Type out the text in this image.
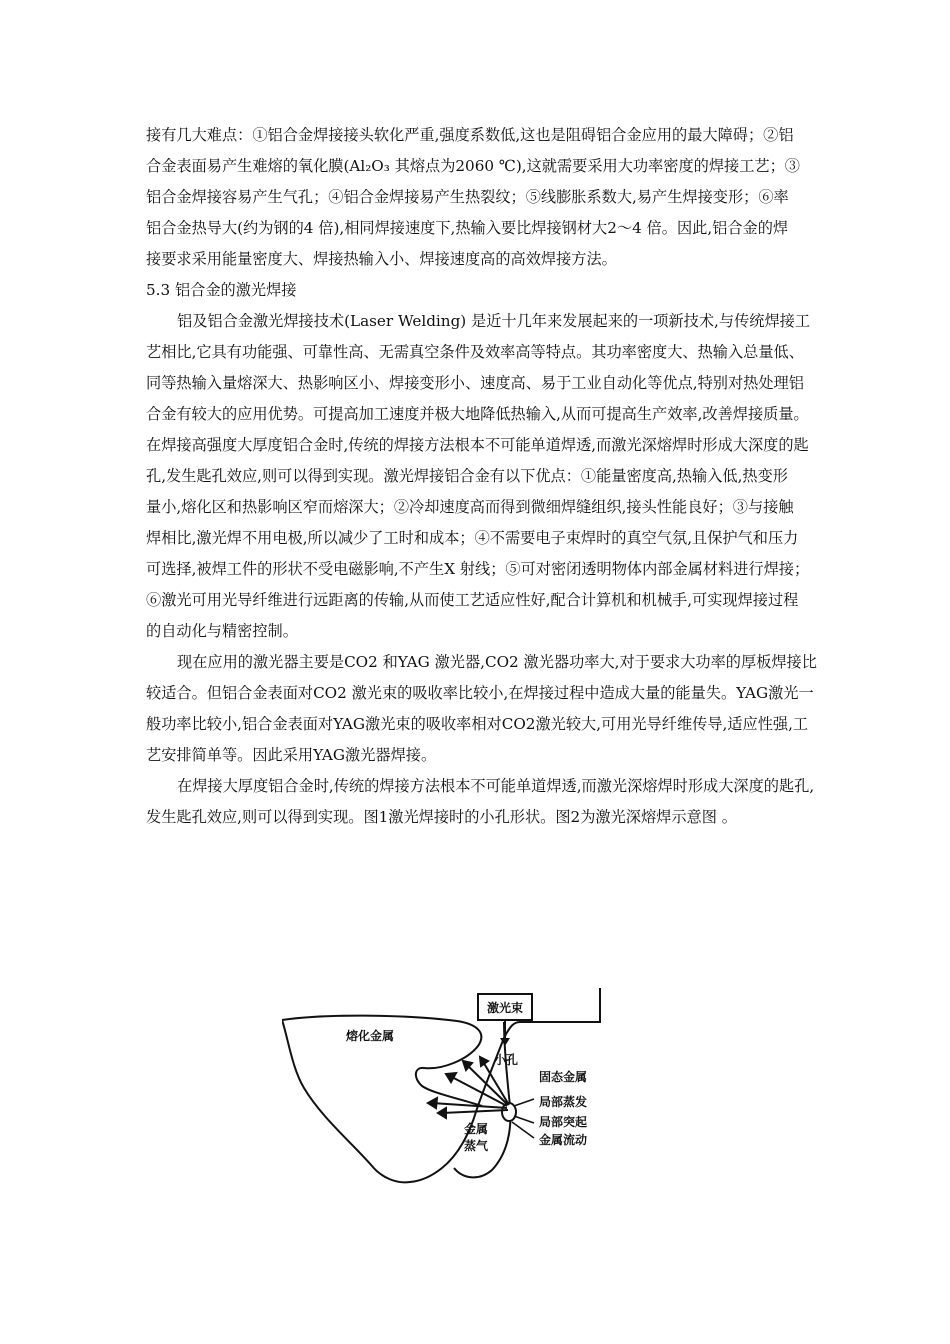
接有几大难点：①铝合金焊接接头软化严重,强度系数低,这也是阻碍铝合金应用的最大障碍；②铝
合金表面易产生难熔的氧化膜(Al₂O₃ 其熔点为2060 ℃),这就需要采用大功率密度的焊接工艺；③
铝合金焊接容易产生气孔；④铝合金焊接易产生热裂纹；⑤线膨胀系数大,易产生焊接变形；⑥率
铝合金热导大(约为钢的4 倍),相同焊接速度下,热输入要比焊接钢材大2～4 倍。因此,铝合金的焊
接要求采用能量密度大、焊接热输入小、焊接速度高的高效焊接方法。
5.3 铝合金的激光焊接
铝及铝合金激光焊接技术(Laser Welding) 是近十几年来发展起来的一项新技术,与传统焊接工
艺相比,它具有功能强、可靠性高、无需真空条件及效率高等特点。其功率密度大、热输入总量低、
同等热输入量熔深大、热影响区小、焊接变形小、速度高、易于工业自动化等优点,特别对热处理铝
合金有较大的应用优势。可提高加工速度并极大地降低热输入,从而可提高生产效率,改善焊接质量。
在焊接高强度大厚度铝合金时,传统的焊接方法根本不可能单道焊透,而激光深熔焊时形成大深度的匙
孔,发生匙孔效应,则可以得到实现。激光焊接铝合金有以下优点：①能量密度高,热输入低,热变形
量小,熔化区和热影响区窄而熔深大；②冷却速度高而得到微细焊缝组织,接头性能良好；③与接触
焊相比,激光焊不用电极,所以减少了工时和成本；④不需要电子束焊时的真空气氛,且保护气和压力
可选择,被焊工件的形状不受电磁影响,不产生X 射线；⑤可对密闭透明物体内部金属材料进行焊接；
⑥激光可用光导纤维进行远距离的传输,从而使工艺适应性好,配合计算机和机械手,可实现焊接过程
的自动化与精密控制。
现在应用的激光器主要是CO2 和YAG 激光器,CO2 激光器功率大,对于要求大功率的厚板焊接比
较适合。但铝合金表面对CO2 激光束的吸收率比较小,在焊接过程中造成大量的能量失。YAG激光一
般功率比较小,铝合金表面对YAG激光束的吸收率相对CO2激光较大,可用光导纤维传导,适应性强,工
艺安排简单等。因此采用YAG激光器焊接。
在焊接大厚度铝合金时,传统的焊接方法根本不可能单道焊透,而激光深熔焊时形成大深度的匙孔,
发生匙孔效应,则可以得到实现。图1激光焊接时的小孔形状。图2为激光深熔焊示意图 。
激光束
熔化金属
小孔
固态金属
局部蒸发
局部突起
金属流动
金属
蒸气
